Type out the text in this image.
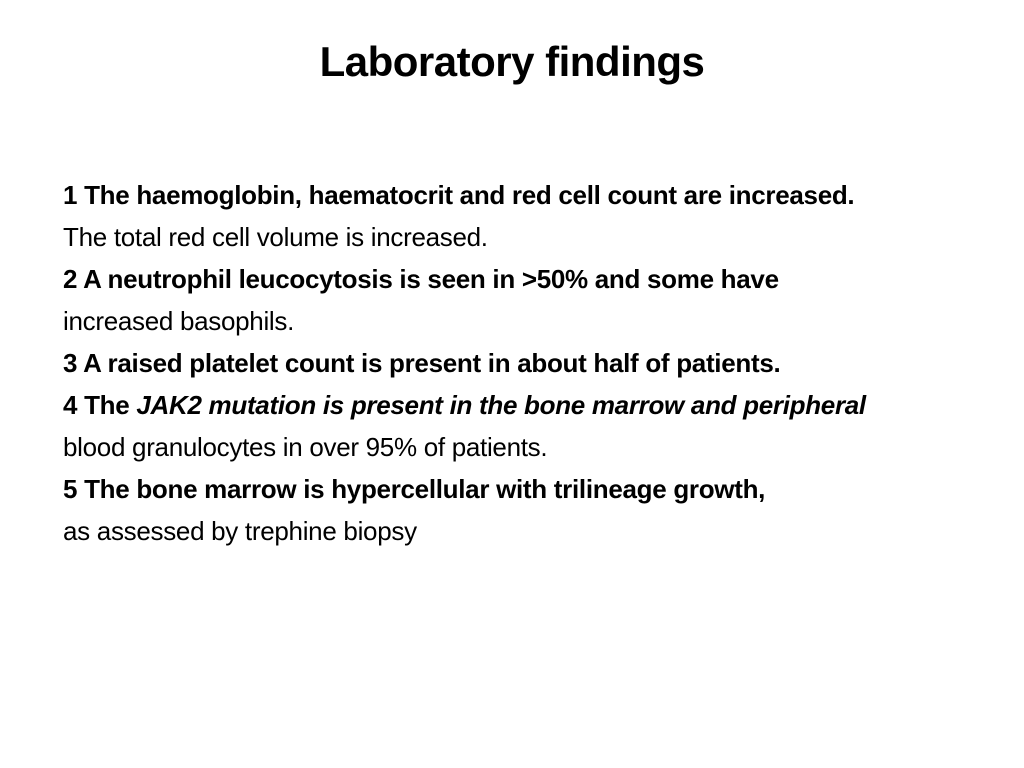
Laboratory findings

1 The haemoglobin, haematocrit and red cell count are increased.

The total red cell volume is increased.

2 A neutrophil leucocytosis is seen in >50% and some have

increased basophils.

3 A raised platelet count is present in about half of patients.

4 The JAK2 mutation is present in the bone marrow and peripheral

blood granulocytes in over 95% of patients.

5 The bone marrow is hypercellular with trilineage growth,

as assessed by trephine biopsy
